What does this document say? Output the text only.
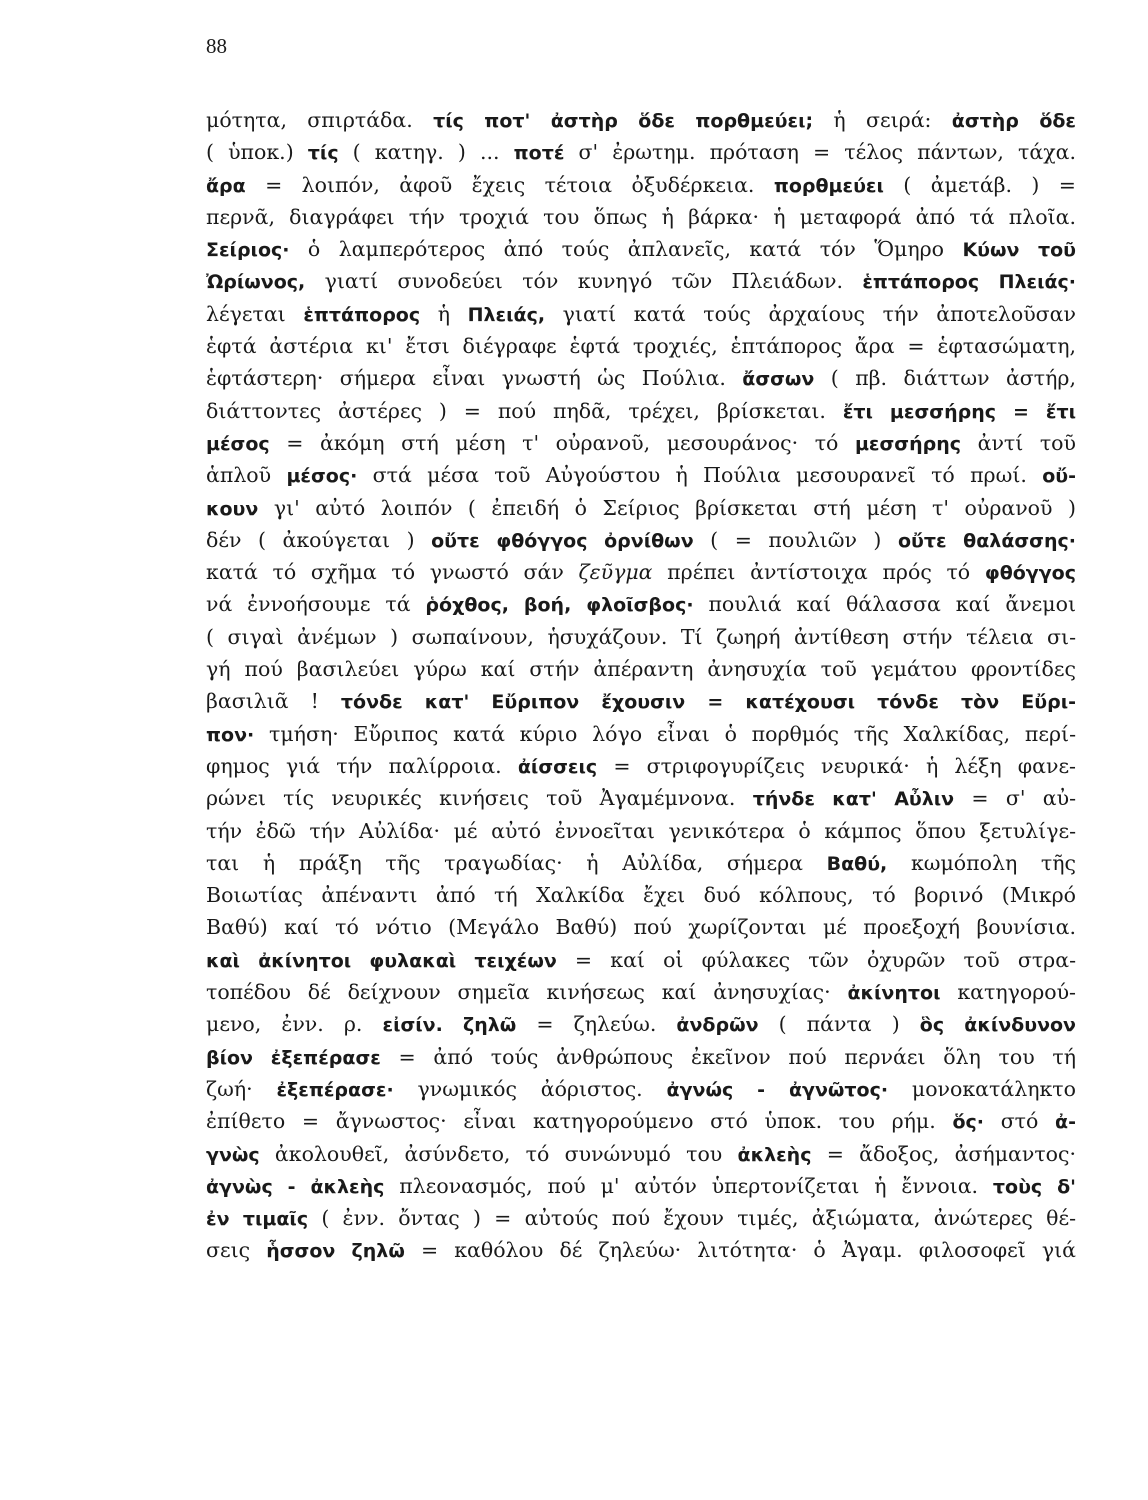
88
μότητα, σπιρτάδα. τίς ποτ' ἀστὴρ ὅδε πορθμεύει; ἡ σειρά: ἀστὴρ ὅδε
( ὑποκ.) τίς ( κατηγ. ) ... ποτέ σ' ἐρωτημ. πρόταση = τέλος πάντων, τάχα.
ἄρα = λοιπόν, ἀφοῦ ἔχεις τέτοια ὀξυδέρκεια. πορθμεύει ( ἀμετάβ. ) =
περνᾶ, διαγράφει τήν τροχιά του ὅπως ἡ βάρκα· ἡ μεταφορά ἀπό τά πλοῖα.
Σείριος· ὁ λαμπερότερος ἀπό τούς ἀπλανεῖς, κατά τόν Ὅμηρο Κύων τοῦ
Ὠρίωνος, γιατί συνοδεύει τόν κυνηγό τῶν Πλειάδων. ἑπτάπορος Πλειάς·
λέγεται ἑπτάπορος ἡ Πλειάς, γιατί κατά τούς ἀρχαίους τήν ἀποτελοῦσαν
ἑφτά ἀστέρια κι' ἔτσι διέγραφε ἑφτά τροχιές, ἑπτάπορος ἄρα = ἑφτασώματη,
ἑφτάστερη· σήμερα εἶναι γνωστή ὡς Πούλια. ἄσσων ( πβ. διάττων ἀστήρ,
διάττοντες ἀστέρες ) = πού πηδᾶ, τρέχει, βρίσκεται. ἔτι μεσσήρης = ἔτι
μέσος = ἀκόμη στή μέση τ' οὐρανοῦ, μεσουράνος· τό μεσσήρης ἀντί τοῦ
ἁπλοῦ μέσος· στά μέσα τοῦ Αὐγούστου ἡ Πούλια μεσουρανεῖ τό πρωί. οὔ-
κουν γι' αὐτό λοιπόν ( ἐπειδή ὁ Σείριος βρίσκεται στή μέση τ' οὐρανοῦ )
δέν ( ἀκούγεται ) οὔτε φθόγγος ὀρνίθων ( = πουλιῶν ) οὔτε θαλάσσης·
κατά τό σχῆμα τό γνωστό σάν ζεῦγμα πρέπει ἀντίστοιχα πρός τό φθόγγος
νά ἐννοήσουμε τά ῥόχθος, βοή, φλοῖσβος· πουλιά καί θάλασσα καί ἄνεμοι
( σιγαὶ ἀνέμων ) σωπαίνουν, ἡσυχάζουν. Τί ζωηρή ἀντίθεση στήν τέλεια σι-
γή πού βασιλεύει γύρω καί στήν ἀπέραντη ἀνησυχία τοῦ γεμάτου φροντίδες
βασιλιᾶ ! τόνδε κατ' Εὔριπον ἔχουσιν = κατέχουσι τόνδε τὸν Εὔρι-
πον· τμήση· Εὔριπος κατά κύριο λόγο εἶναι ὁ πορθμός τῆς Χαλκίδας, περί-
φημος γιά τήν παλίρροια. ἀίσσεις = στριφογυρίζεις νευρικά· ἡ λέξη φανε-
ρώνει τίς νευρικές κινήσεις τοῦ Ἀγαμέμνονα. τήνδε κατ' Αὖλιν = σ' αὐ-
τήν ἐδῶ τήν Αὐλίδα· μέ αὐτό ἐννοεῖται γενικότερα ὁ κάμπος ὅπου ξετυλίγε-
ται ἡ πράξη τῆς τραγωδίας· ἡ Αὐλίδα, σήμερα Βαθύ, κωμόπολη τῆς
Βοιωτίας ἀπέναντι ἀπό τή Χαλκίδα ἔχει δυό κόλπους, τό βορινό (Μικρό
Βαθύ) καί τό νότιο (Μεγάλο Βαθύ) πού χωρίζονται μέ προεξοχή βουνίσια.
καὶ ἀκίνητοι φυλακαὶ τειχέων = καί οἱ φύλακες τῶν ὀχυρῶν τοῦ στρα-
τοπέδου δέ δείχνουν σημεῖα κινήσεως καί ἀνησυχίας· ἀκίνητοι κατηγορού-
μενο, ἐνν. ρ. εἰσίν. ζηλῶ = ζηλεύω. ἀνδρῶν ( πάντα ) ὃς ἀκίνδυνον
βίον ἐξεπέρασε = ἀπό τούς ἀνθρώπους ἐκεῖνον πού περνάει ὅλη του τή
ζωή· ἐξεπέρασε· γνωμικός ἀόριστος. ἀγνώς - ἀγνῶτος· μονοκατάληκτο
ἐπίθετο = ἄγνωστος· εἶναι κατηγορούμενο στό ὑποκ. του ρήμ. ὅς· στό ἀ-
γνὼς ἀκολουθεῖ, ἀσύνδετο, τό συνώνυμό του ἀκλεὴς = ἄδοξος, ἀσήμαντος·
ἀγνὼς - ἀκλεὴς πλεονασμός, πού μ' αὐτόν ὑπερτονίζεται ἡ ἔννοια. τοὺς δ'
ἐν τιμαῖς ( ἐνν. ὄντας ) = αὐτούς πού ἔχουν τιμές, ἀξιώματα, ἀνώτερες θέ-
σεις ἧσσον ζηλῶ = καθόλου δέ ζηλεύω· λιτότητα· ὁ Ἀγαμ. φιλοσοφεῖ γιά
